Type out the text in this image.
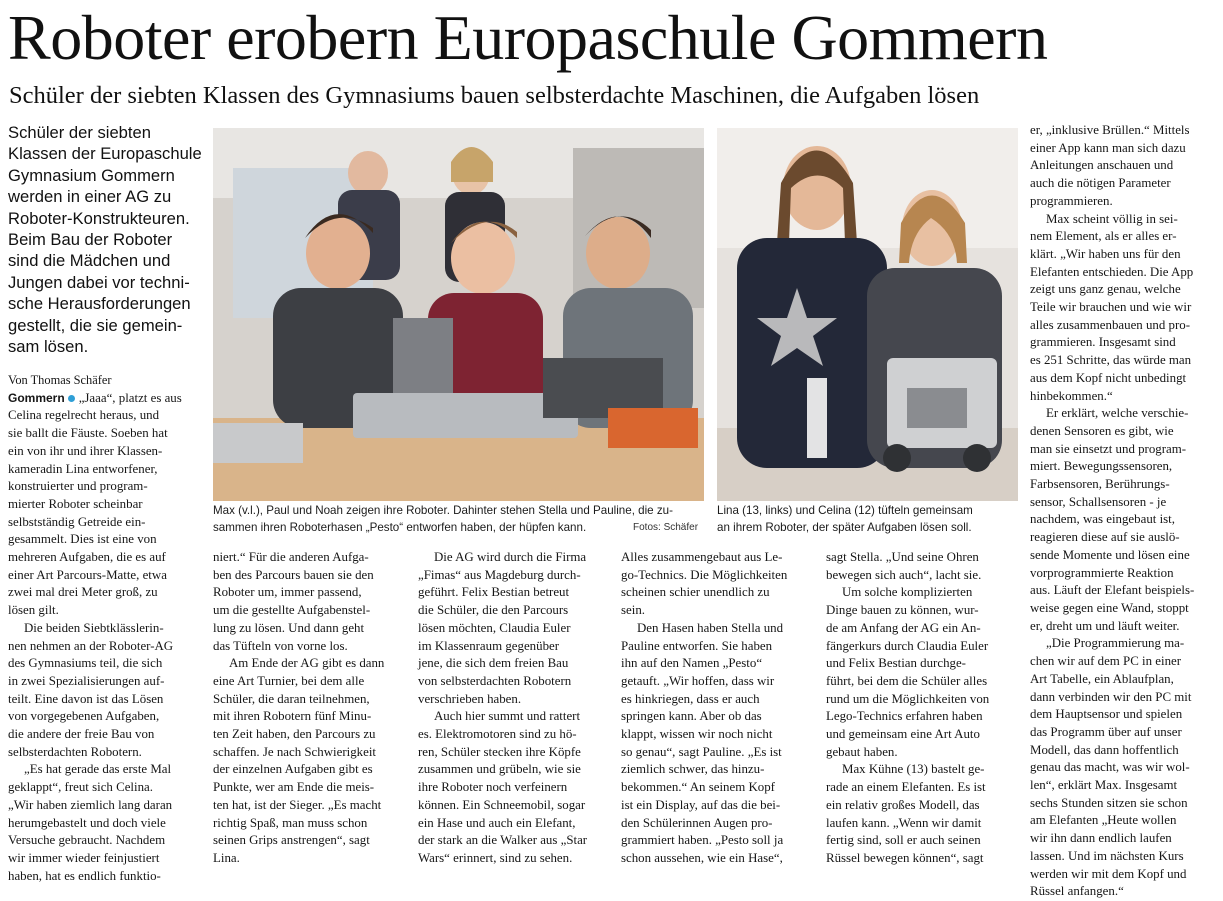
Roboter erobern Europaschule Gommern
Schüler der siebten Klassen des Gymnasiums bauen selbsterdachte Maschinen, die Aufgaben lösen
Schüler der siebten
Klassen der Europaschule
Gymnasium Gommern
werden in einer AG zu
Roboter-Konstrukteuren.
Beim Bau der Roboter
sind die Mädchen und
Jungen dabei vor techni-
sche Herausforderungen
gestellt, die sie gemein-
sam lösen.
Max (v.l.), Paul und Noah zeigen ihre Roboter. Dahinter stehen Stella und Pauline, die zu-
sammen ihren Roboterhasen „Pesto“ entworfen haben, der hüpfen kann.	Fotos: Schäfer
Lina (13, links) und Celina (12) tüfteln gemeinsam
an ihrem Roboter, der später Aufgaben lösen soll.

Von Thomas Schäfer

Gommern „Jaaa“, platzt es aus

Celina regelrecht heraus, und

sie ballt die Fäuste. Soeben hat

ein von ihr und ihrer Klassen-

kameradin Lina entworfener,

konstruierter und program-

mierter Roboter scheinbar

selbstständig Getreide ein-

gesammelt. Dies ist eine von

mehreren Aufgaben, die es auf

einer Art Parcours-Matte, etwa

zwei mal drei Meter groß, zu

lösen gilt.

Die beiden Siebtklässlerin-

nen nehmen an der Roboter-AG

des Gymnasiums teil, die sich

in zwei Spezialisierungen auf-

teilt. Eine davon ist das Lösen

von vorgegebenen Aufgaben,

die andere der freie Bau von

selbsterdachten Robotern.

„Es hat gerade das erste Mal

geklappt“, freut sich Celina.

„Wir haben ziemlich lang daran

herumgebastelt und doch viele

Versuche gebraucht. Nachdem

wir immer wieder feinjustiert

haben, hat es endlich funktio-

niert.“ Für die anderen Aufga-

ben des Parcours bauen sie den

Roboter um, immer passend,

um die gestellte Aufgabenstel-

lung zu lösen. Und dann geht

das Tüfteln von vorne los.

Am Ende der AG gibt es dann

eine Art Turnier, bei dem alle

Schüler, die daran teilnehmen,

mit ihren Robotern fünf Minu-

ten Zeit haben, den Parcours zu

schaffen. Je nach Schwierigkeit

der einzelnen Aufgaben gibt es

Punkte, wer am Ende die meis-

ten hat, ist der Sieger. „Es macht

richtig Spaß, man muss schon

seinen Grips anstrengen“, sagt

Lina.

Die AG wird durch die Firma

„Fimas“ aus Magdeburg durch-

geführt. Felix Bestian betreut

die Schüler, die den Parcours

lösen möchten, Claudia Euler

im Klassenraum gegenüber

jene, die sich dem freien Bau

von selbsterdachten Robotern

verschrieben haben.

Auch hier summt und rattert

es. Elektromotoren sind zu hö-

ren, Schüler stecken ihre Köpfe

zusammen und grübeln, wie sie

ihre Roboter noch verfeinern

können. Ein Schneemobil, sogar

ein Hase und auch ein Elefant,

der stark an die Walker aus „Star

Wars“ erinnert, sind zu sehen.

Alles zusammengebaut aus Le-

go-Technics. Die Möglichkeiten

scheinen schier unendlich zu

sein.

Den Hasen haben Stella und

Pauline entworfen. Sie haben

ihn auf den Namen „Pesto“

getauft. „Wir hoffen, dass wir

es hinkriegen, dass er auch

springen kann. Aber ob das

klappt, wissen wir noch nicht

so genau“, sagt Pauline. „Es ist

ziemlich schwer, das hinzu-

bekommen.“ An seinem Kopf

ist ein Display, auf das die bei-

den Schülerinnen Augen pro-

grammiert haben. „Pesto soll ja

schon aussehen, wie ein Hase“,

sagt Stella. „Und seine Ohren

bewegen sich auch“, lacht sie.

Um solche komplizierten

Dinge bauen zu können, wur-

de am Anfang der AG ein An-

fängerkurs durch Claudia Euler

und Felix Bestian durchge-

führt, bei dem die Schüler alles

rund um die Möglichkeiten von

Lego-Technics erfahren haben

und gemeinsam eine Art Auto

gebaut haben.

Max Kühne (13) bastelt ge-

rade an einem Elefanten. Es ist

ein relativ großes Modell, das

laufen kann. „Wenn wir damit

fertig sind, soll er auch seinen

Rüssel bewegen können“, sagt

er, „inklusive Brüllen.“ Mittels

einer App kann man sich dazu

Anleitungen anschauen und

auch die nötigen Parameter

programmieren.

Max scheint völlig in sei-

nem Element, als er alles er-

klärt. „Wir haben uns für den

Elefanten entschieden. Die App

zeigt uns ganz genau, welche

Teile wir brauchen und wie wir

alles zusammenbauen und pro-

grammieren. Insgesamt sind

es 251 Schritte, das würde man

aus dem Kopf nicht unbedingt

hinbekommen.“

Er erklärt, welche verschie-

denen Sensoren es gibt, wie

man sie einsetzt und program-

miert. Bewegungssensoren,

Farbsensoren, Berührungs-

sensor, Schallsensoren - je

nachdem, was eingebaut ist,

reagieren diese auf sie auslö-

sende Momente und lösen eine

vorprogrammierte Reaktion

aus. Läuft der Elefant beispiels-

weise gegen eine Wand, stoppt

er, dreht um und läuft weiter.

„Die Programmierung ma-

chen wir auf dem PC in einer

Art Tabelle, ein Ablaufplan,

dann verbinden wir den PC mit

dem Hauptsensor und spielen

das Programm über auf unser

Modell, das dann hoffentlich

genau das macht, was wir wol-

len“, erklärt Max. Insgesamt

sechs Stunden sitzen sie schon

am Elefanten „Heute wollen

wir ihn dann endlich laufen

lassen. Und im nächsten Kurs

werden wir mit dem Kopf und

Rüssel anfangen.“
